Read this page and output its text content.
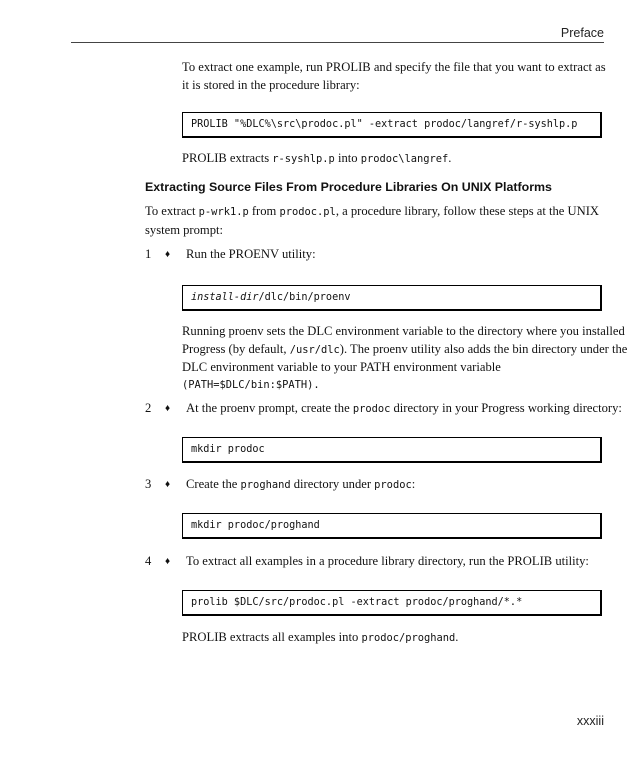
Preface
To extract one example, run PROLIB and specify the file that you want to extract as it is stored in the procedure library:
PROLIB "%DLC%\src\prodoc.pl" -extract prodoc/langref/r-syshlp.p
PROLIB extracts r-syshlp.p into prodoc\langref.
Extracting Source Files From Procedure Libraries On UNIX Platforms
To extract p-wrk1.p from prodoc.pl, a procedure library, follow these steps at the UNIX system prompt:
1 ♦ Run the PROENV utility:
install-dir/dlc/bin/proenv
Running proenv sets the DLC environment variable to the directory where you installed
Progress (by default, /usr/dlc). The proenv utility also adds the bin directory under the
DLC environment variable to your PATH environment variable
(PATH=$DLC/bin:$PATH).
2 ♦ At the proenv prompt, create the prodoc directory in your Progress working directory:
mkdir prodoc
3 ♦ Create the proghand directory under prodoc:
mkdir prodoc/proghand
4 ♦ To extract all examples in a procedure library directory, run the PROLIB utility:
prolib $DLC/src/prodoc.pl -extract prodoc/proghand/*.*
PROLIB extracts all examples into prodoc/proghand.
xxxiii
